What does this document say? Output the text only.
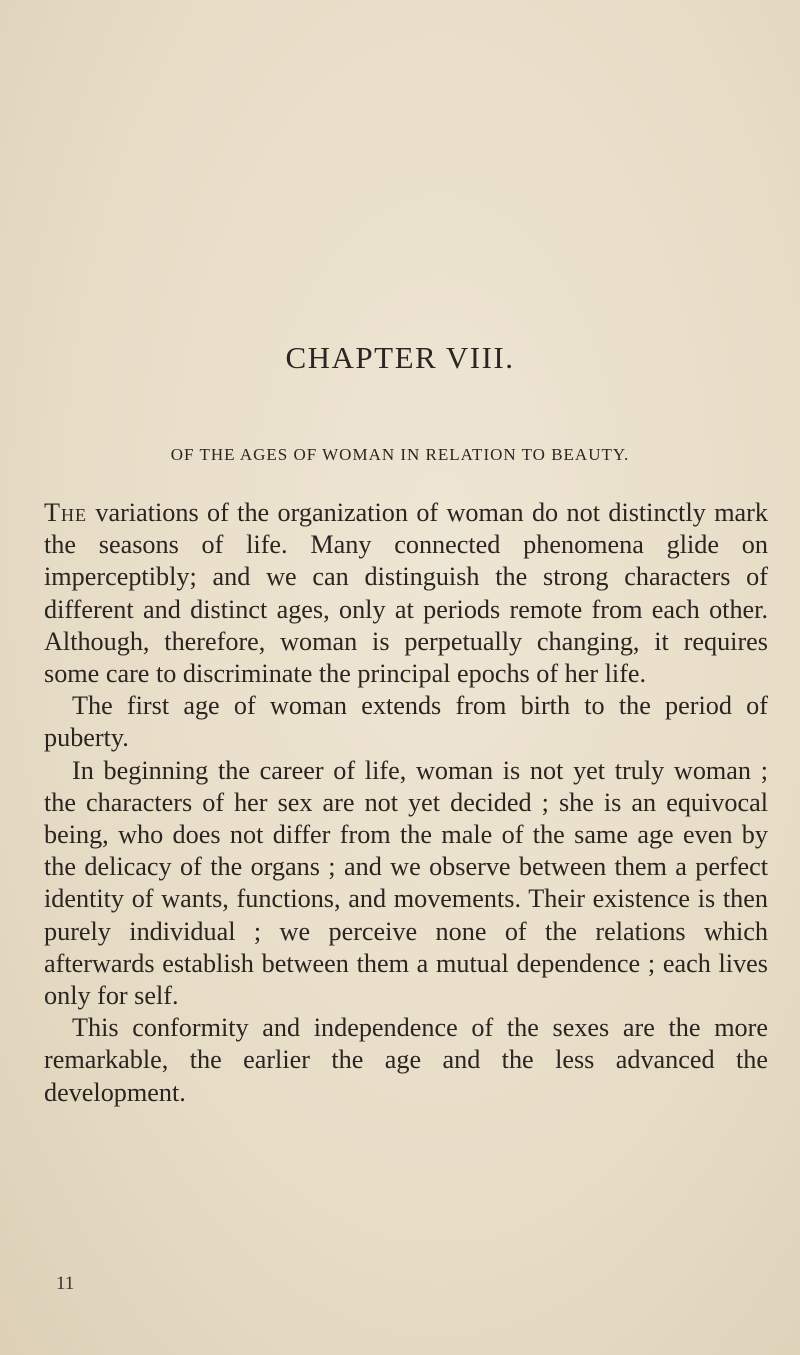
CHAPTER VIII.
OF THE AGES OF WOMAN IN RELATION TO BEAUTY.

The variations of the organization of woman do not distinctly mark the seasons of life. Many connected phenomena glide on imperceptibly; and we can distinguish the strong characters of different and distinct ages, only at periods remote from each other. Although, therefore, woman is perpetually changing, it requires some care to discriminate the principal epochs of her life.

The first age of woman extends from birth to the period of puberty.

In beginning the career of life, woman is not yet truly woman ; the characters of her sex are not yet decided ; she is an equivocal being, who does not differ from the male of the same age even by the delicacy of the organs ; and we observe between them a perfect identity of wants, functions, and movements. Their existence is then purely individual ; we perceive none of the relations which afterwards establish between them a mutual dependence ; each lives only for self.

This conformity and independence of the sexes are the more remarkable, the earlier the age and the less advanced the development.

11
